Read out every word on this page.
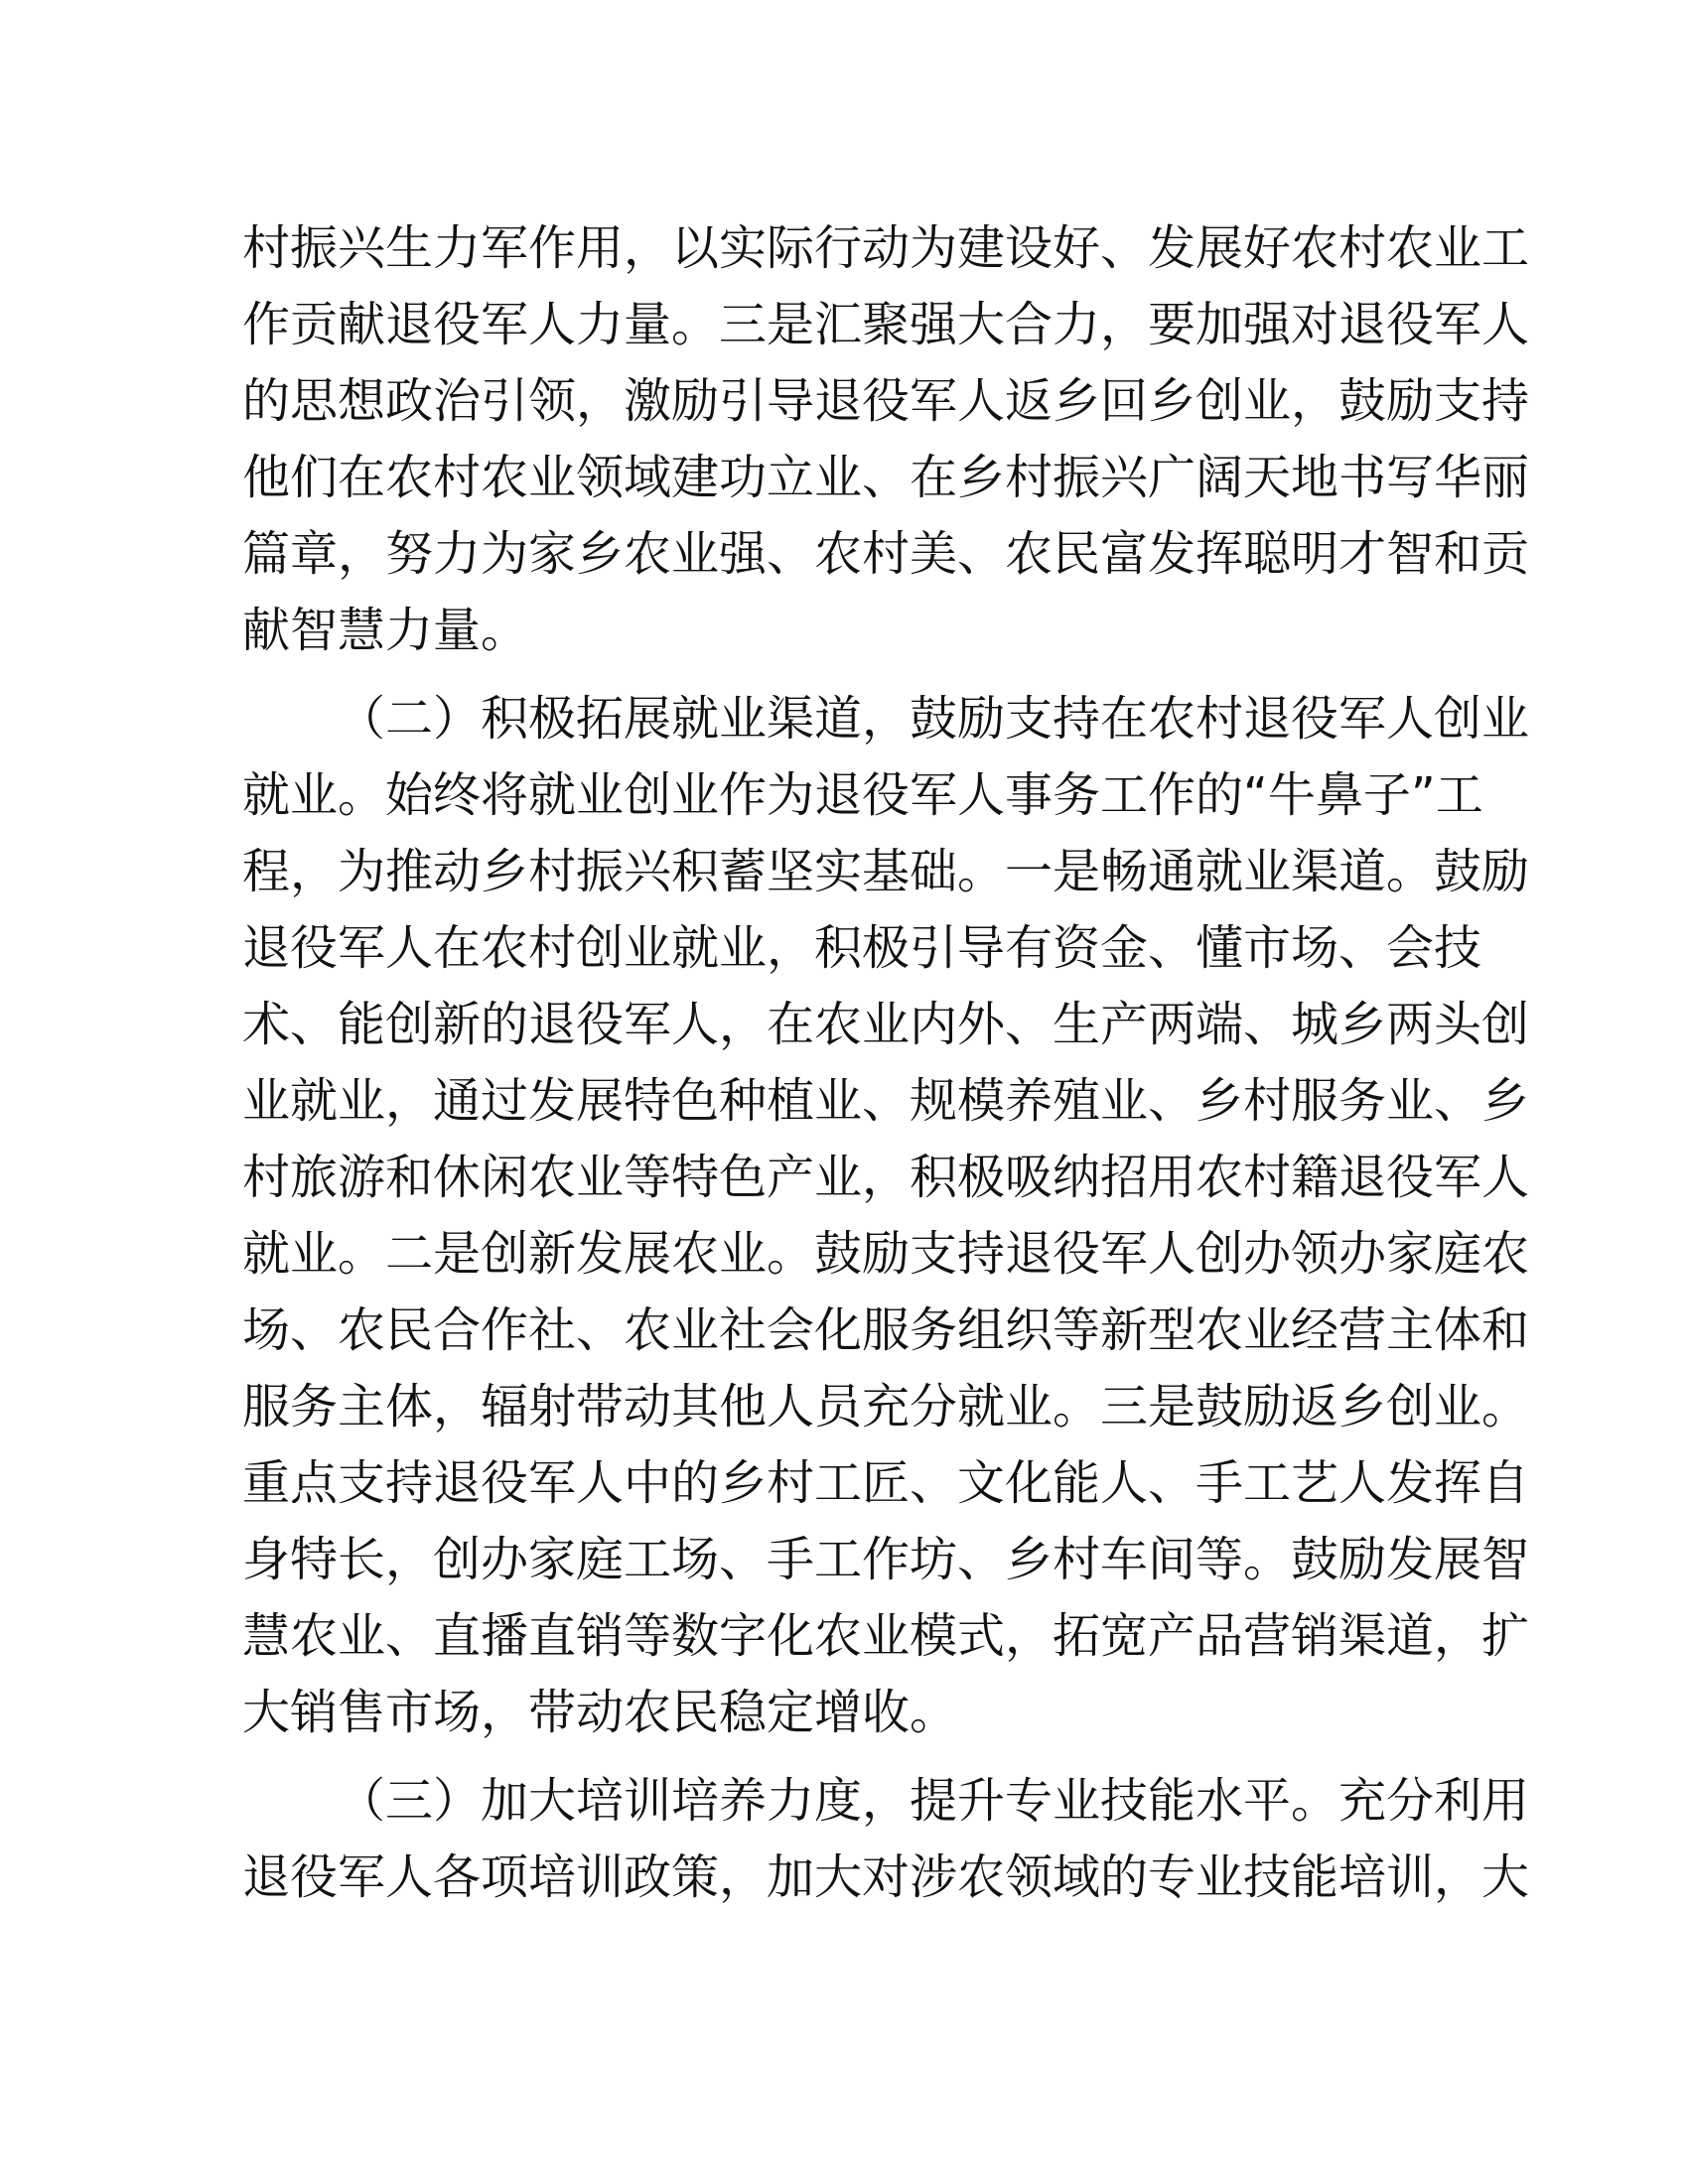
村振兴生力军作用，以实际行动为建设好、发展好农村农业工
作贡献退役军人力量。三是汇聚强大合力，要加强对退役军人
的思想政治引领，激励引导退役军人返乡回乡创业，鼓励支持
他们在农村农业领域建功立业、在乡村振兴广阔天地书写华丽
篇章，努力为家乡农业强、农村美、农民富发挥聪明才智和贡
献智慧力量。

（二）积极拓展就业渠道，鼓励支持在农村退役军人创业
就业。始终将就业创业作为退役军人事务工作的“牛鼻子”工
程，为推动乡村振兴积蓄坚实基础。一是畅通就业渠道。鼓励
退役军人在农村创业就业，积极引导有资金、懂市场、会技
术、能创新的退役军人，在农业内外、生产两端、城乡两头创
业就业，通过发展特色种植业、规模养殖业、乡村服务业、乡
村旅游和休闲农业等特色产业，积极吸纳招用农村籍退役军人
就业。二是创新发展农业。鼓励支持退役军人创办领办家庭农
场、农民合作社、农业社会化服务组织等新型农业经营主体和
服务主体，辐射带动其他人员充分就业。三是鼓励返乡创业。
重点支持退役军人中的乡村工匠、文化能人、手工艺人发挥自
身特长，创办家庭工场、手工作坊、乡村车间等。鼓励发展智
慧农业、直播直销等数字化农业模式，拓宽产品营销渠道，扩
大销售市场，带动农民稳定增收。

（三）加大培训培养力度，提升专业技能水平。充分利用
退役军人各项培训政策，加大对涉农领域的专业技能培训，大
